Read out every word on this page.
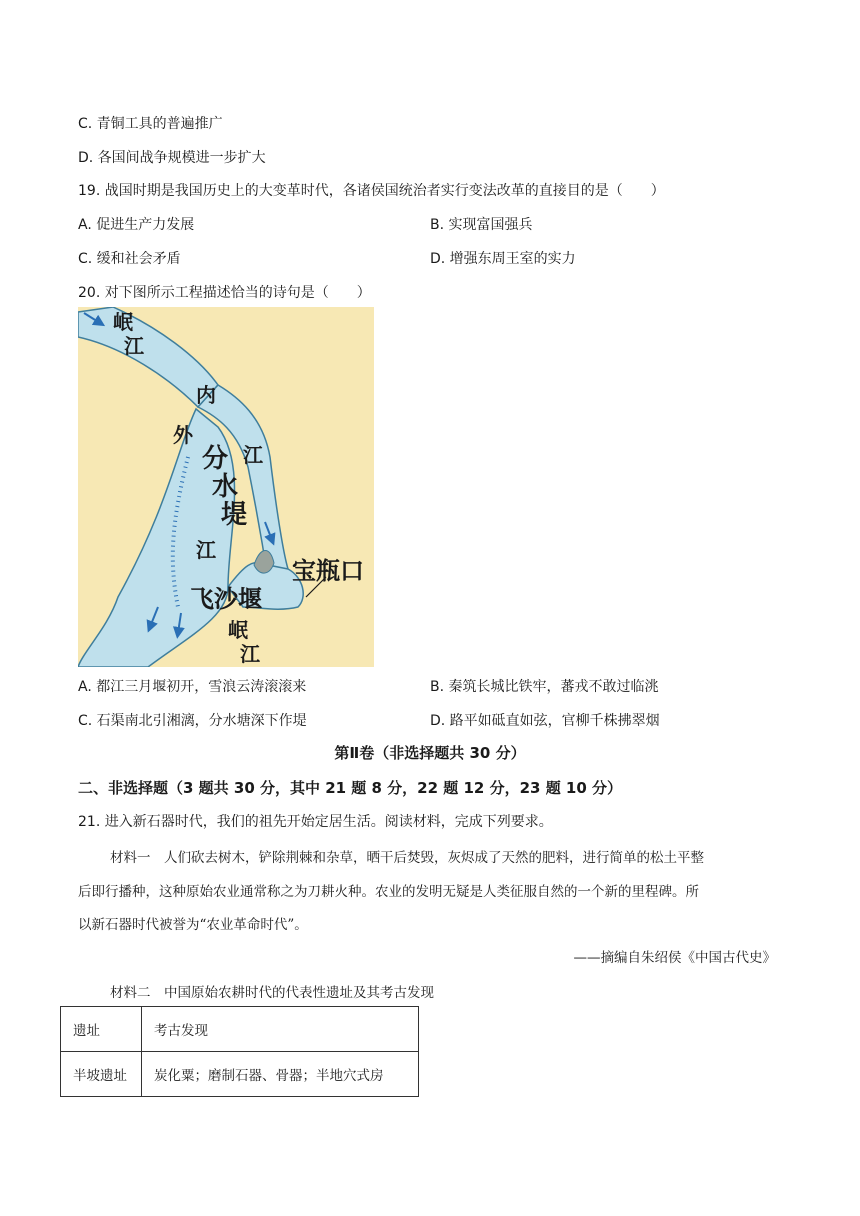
C. 青铜工具的普遍推广
D. 各国间战争规模进一步扩大
19. 战国时期是我国历史上的大变革时代，各诸侯国统治者实行变法改革的直接目的是（　　）
A. 促进生产力发展	B. 实现富国强兵
C. 缓和社会矛盾	D. 增强东周王室的实力
20. 对下图所示工程描述恰当的诗句是（　　）
岷
江
内
外
江
分
水
堤
江
宝瓶口
飞沙堰
岷
江
A. 都江三月堰初开，雪浪云涛滚滚来	B. 秦筑长城比铁牢，蕃戎不敢过临洮
C. 石渠南北引湘漓，分水塘深下作堤	D. 路平如砥直如弦，官柳千株拂翠烟
第Ⅱ卷（非选择题共 30 分）
二、非选择题（3 题共 30 分，其中 21 题 8 分，22 题 12 分，23 题 10 分）
21. 进入新石器时代，我们的祖先开始定居生活。阅读材料，完成下列要求。
材料一　人们砍去树木，铲除荆棘和杂草，晒干后焚毁，灰烬成了天然的肥料，进行简单的松土平整
后即行播种，这种原始农业通常称之为刀耕火种。农业的发明无疑是人类征服自然的一个新的里程碑。所
以新石器时代被誉为“农业革命时代”。
——摘编自朱绍侯《中国古代史》
材料二　中国原始农耕时代的代表性遗址及其考古发现
遗址	考古发现
半坡遗址	炭化粟；磨制石器、骨器；半地穴式房
